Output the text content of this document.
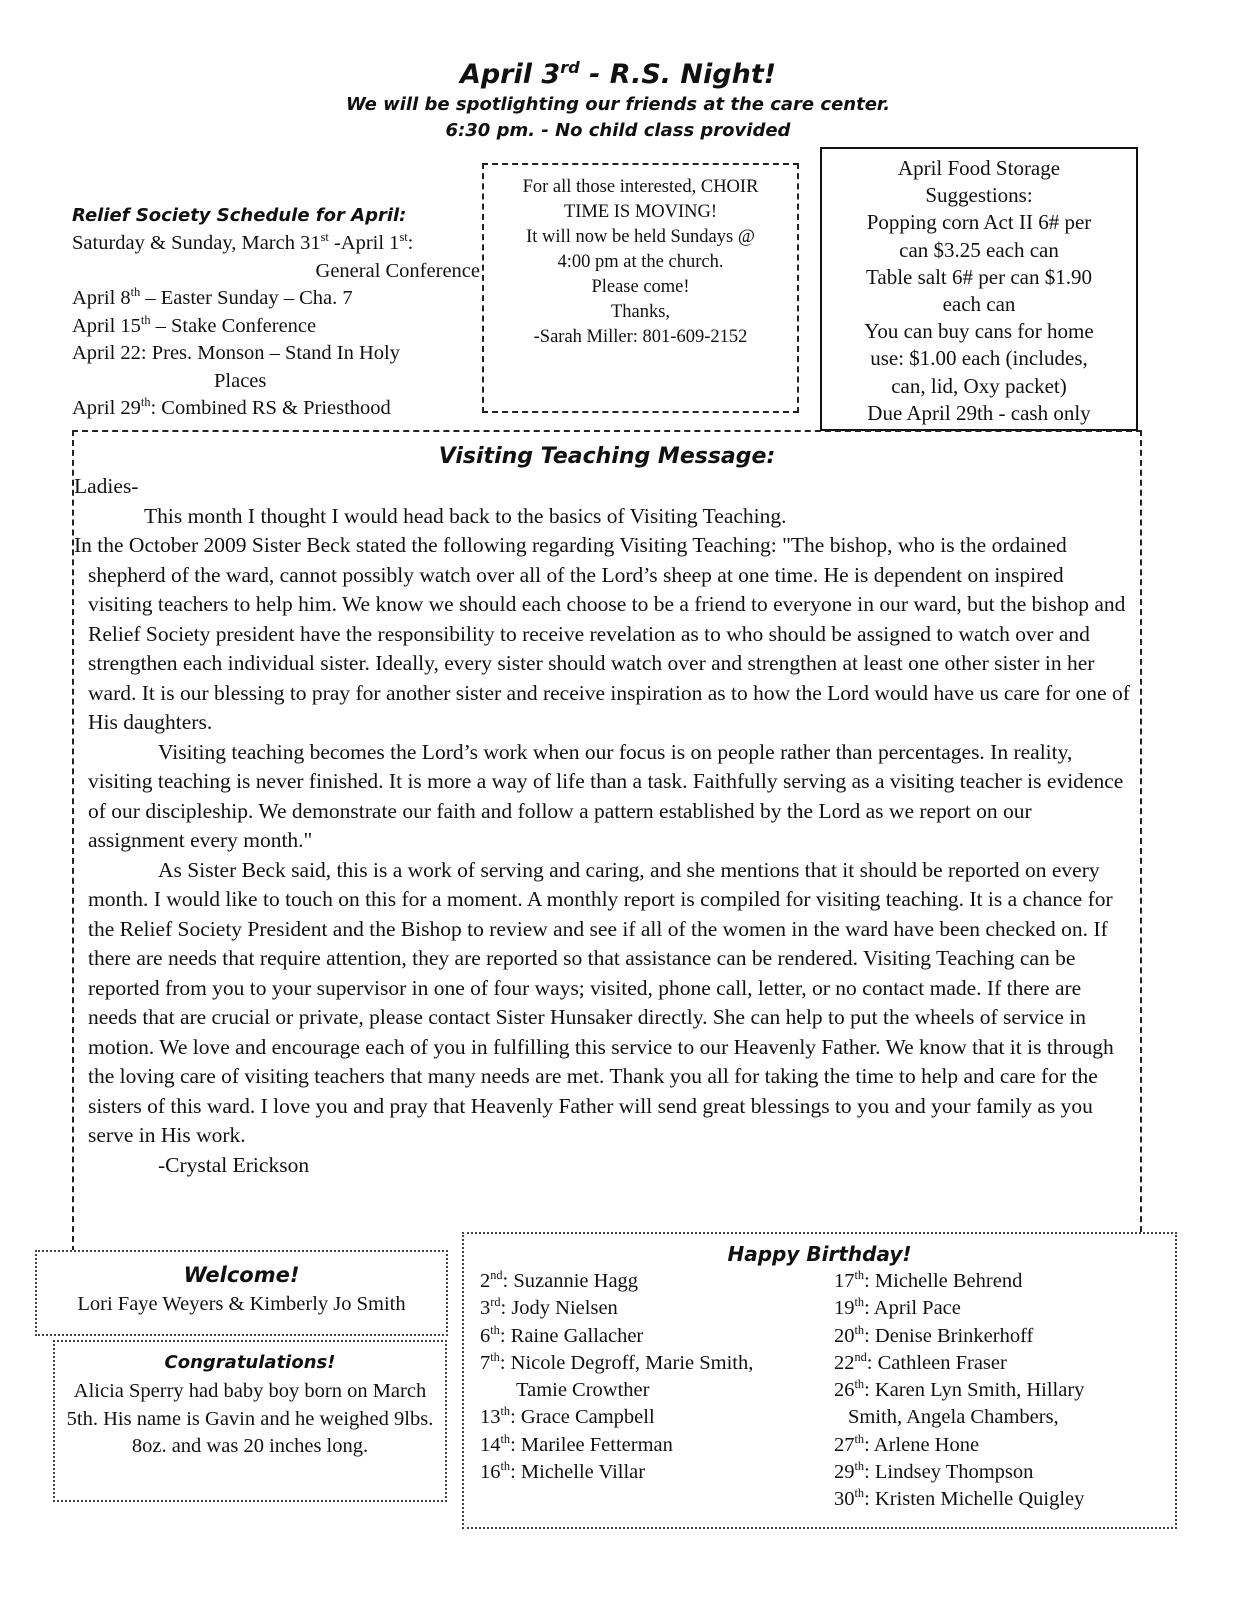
April 3rd - R.S. Night!
We will be spotlighting our friends at the care center.
6:30 pm. - No child class provided
Relief Society Schedule for April:
Saturday & Sunday, March 31st -April 1st:
General Conference
April 8th – Easter Sunday – Cha. 7
April 15th – Stake Conference
April 22: Pres. Monson – Stand In Holy
Places
April 29th: Combined RS & Priesthood
For all those interested, CHOIR
TIME IS MOVING!
It will now be held Sundays @
4:00 pm at the church.
Please come!
Thanks,
-Sarah Miller: 801-609-2152
April Food Storage
Suggestions:
Popping corn Act II 6# per
can $3.25 each can
Table salt 6# per can $1.90
each can
You can buy cans for home
use: $1.00 each (includes,
can, lid, Oxy packet)
Due April 29th - cash only
Visiting Teaching Message:

Ladies-

This month I thought I would head back to the basics of Visiting Teaching.

In the October 2009 Sister Beck stated the following regarding Visiting Teaching: "The bishop, who is the ordained shepherd of the ward, cannot possibly watch over all of the Lord’s sheep at one time. He is dependent on inspired visiting teachers to help him. We know we should each choose to be a friend to everyone in our ward, but the bishop and Relief Society president have the responsibility to receive revelation as to who should be assigned to watch over and strengthen each individual sister. Ideally, every sister should watch over and strengthen at least one other sister in her ward. It is our blessing to pray for another sister and receive inspiration as to how the Lord would have us care for one of His daughters.

Visiting teaching becomes the Lord’s work when our focus is on people rather than percentages. In reality, visiting teaching is never finished. It is more a way of life than a task. Faithfully serving as a visiting teacher is evidence of our discipleship. We demonstrate our faith and follow a pattern established by the Lord as we report on our assignment every month."

As Sister Beck said, this is a work of serving and caring, and she mentions that it should be reported on every month. I would like to touch on this for a moment. A monthly report is compiled for visiting teaching. It is a chance for the Relief Society President and the Bishop to review and see if all of the women in the ward have been checked on. If there are needs that require attention, they are reported so that assistance can be rendered. Visiting Teaching can be reported from you to your supervisor in one of four ways; visited, phone call, letter, or no contact made. If there are needs that are crucial or private, please contact Sister Hunsaker directly. She can help to put the wheels of service in motion. We love and encourage each of you in fulfilling this service to our Heavenly Father. We know that it is through the loving care of visiting teachers that many needs are met. Thank you all for taking the time to help and care for the sisters of this ward. I love you and pray that Heavenly Father will send great blessings to you and your family as you serve in His work.

-Crystal Erickson

Welcome!
Lori Faye Weyers & Kimberly Jo Smith
Congratulations!
Alicia Sperry had baby boy born on March 5th. His name is Gavin and he weighed 9lbs. 8oz. and was 20 inches long.
Happy Birthday!
2nd: Suzannie Hagg
3rd: Jody Nielsen
6th: Raine Gallacher
7th: Nicole Degroff, Marie Smith,
Tamie Crowther
13th: Grace Campbell
14th: Marilee Fetterman
16th: Michelle Villar
17th: Michelle Behrend
19th: April Pace
20th: Denise Brinkerhoff
22nd: Cathleen Fraser
26th: Karen Lyn Smith, Hillary
Smith, Angela Chambers,
27th: Arlene Hone
29th: Lindsey Thompson
30th: Kristen Michelle Quigley
